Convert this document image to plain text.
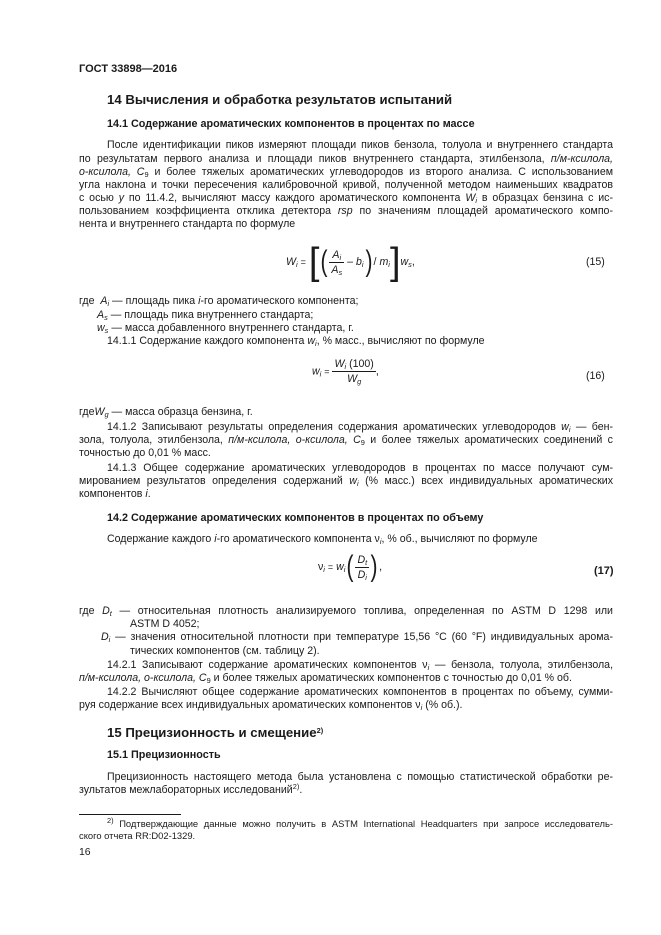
ГОСТ 33898—2016
14 Вычисления и обработка результатов испытаний
14.1 Содержание ароматических компонентов в процентах по массе
После идентификации пиков измеряют площади пиков бензола, толуола и внутреннего стандарта
по результатам первого анализа и площади пиков внутреннего стандарта, этилбензола, п/м-ксилола,
о-ксилола, $С_9$ и более тяжелых ароматических углеводородов из второго анализа. С использованием
угла наклона и точки пересечения калибровочной кривой, полученной методом наименьших квадратов
с осью у по 11.4.2, вычисляют массу каждого ароматического компонента $W_i$ в образцах бензина с ис-
пользованием коэффициента отклика детектора rsp по значениям площадей ароматического компо-
нента и внутреннего стандарта по формуле
$W_i$ = [( $\frac{A_i}{A_s} - b_i) / m_i]w_s$,	(15)
где $A_i$ — площадь пика i-го ароматического компонента;
$A_s$ — площадь пика внутреннего стандарта;
$w_s$ — масса добавленного внутреннего стандарта, г.
14.1.1 Содержание каждого компонента $w_i$, % масс., вычисляют по формуле
$w_i = \frac{W_i (100)}{W_g}$ ,	(16)
гдеW$_g$ — масса образца бензина, г.
14.1.2 Записывают результаты определения содержания ароматических углеводородов $w_i$ — бен-
зола, толуола, этилбензола, п/м-ксилола, о-ксилола, $С_9$ и более тяжелых ароматических соединений с
точностью до 0,01 % масс.
14.1.3 Общее содержание ароматических углеводородов в процентах по массе получают сум-
мированием результатов определения содержаний $w_i$ (% масс.) всех индивидуальных ароматических
компонентов i.
14.2 Содержание ароматических компонентов в процентах по объему
Содержание каждого i-го ароматического компонента $\nu_i$, % об., вычисляют по формуле
$\nu_i = w_i( \frac{D_t}{D_i}$ ) ,	(17)
где $D_t$ — относительная плотность анализируемого топлива, определенная по ASTM D 1298 или
ASTM D 4052;
$D_i$ — значения относительной плотности при температуре 15,56 °С (60 °F) индивидуальных арома-
тических компонентов (см. таблицу 2).
14.2.1 Записывают содержание ароматических компонентов $\nu_i$ — бензола, толуола, этилбензола,
п/м-ксилола, о-ксилола, $С_9$ и более тяжелых ароматических компонентов с точностью до 0,01 % об.
14.2.2 Вычисляют общее содержание ароматических компонентов в процентах по объему, сумми-
руя содержание всех индивидуальных ароматических компонентов $\nu_i$ (% об.).
15 Прецизионность и смещение$^{2)}$
15.1 Прецизионность
Прецизионность настоящего метода была установлена с помощью статистической обработки ре-
зультатов межлабораторных исследований$^{2)}$.
$^{2)}$ Подтверждающие данные можно получить в ASTM International Headquarters при запросе исследователь-
ского отчета RR:D02-1329.
16
